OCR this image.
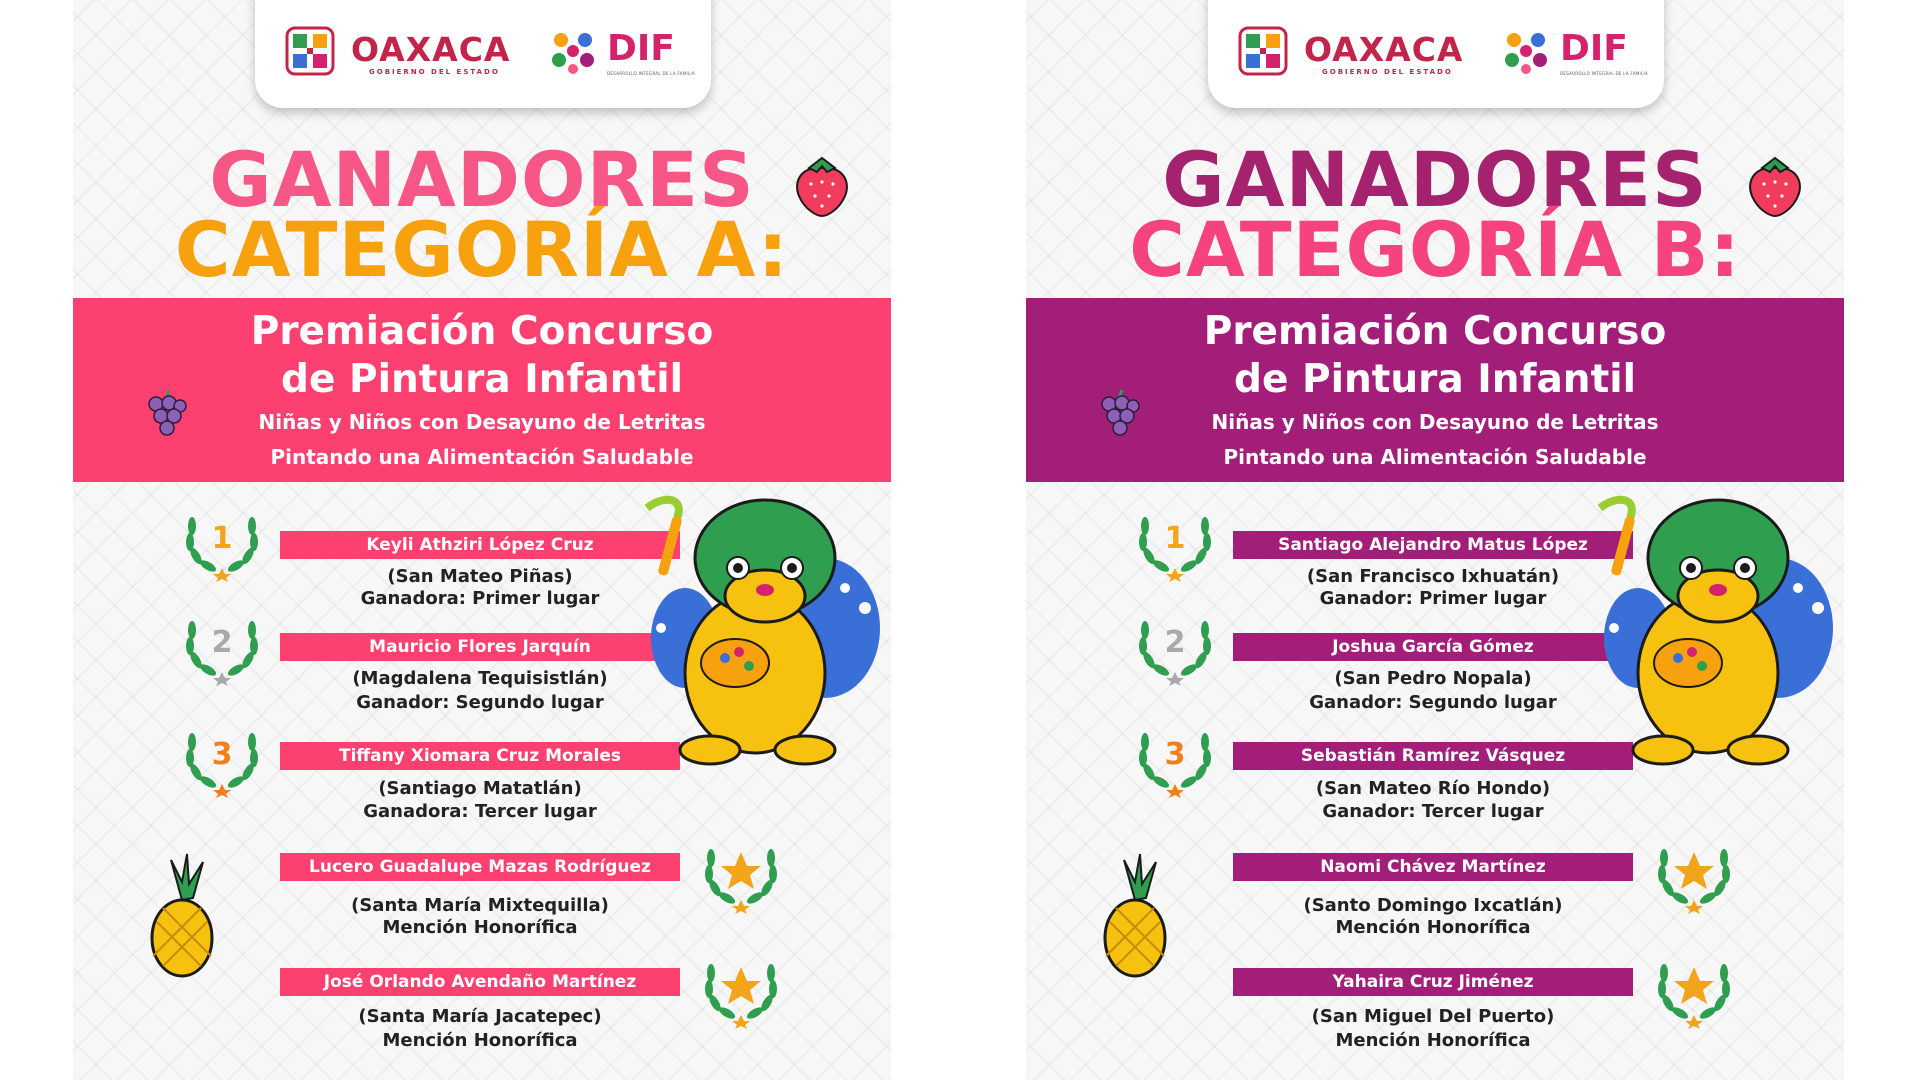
OAXACA
GOBIERNO DEL ESTADO
DIF
DESARROLLO INTEGRAL DE LA FAMILIA
GANADORES
CATEGORÍA A:
Premiación Concurso
de Pintura Infantil
Niñas y Niños con Desayuno de Letritas
Pintando una Alimentación Saludable
Keyli Athziri López Cruz
(San Mateo Piñas)
Ganadora: Primer lugar
Mauricio Flores Jarquín
(Magdalena Tequisistlán)
Ganador: Segundo lugar
Tiffany Xiomara Cruz Morales
(Santiago Matatlán)
Ganadora: Tercer lugar
Lucero Guadalupe Mazas Rodríguez
(Santa María Mixtequilla)
Mención Honorífica
José Orlando Avendaño Martínez
(Santa María Jacatepec)
Mención Honorífica
1
2
3
OAXACA
GOBIERNO DEL ESTADO
DIF
DESARROLLO INTEGRAL DE LA FAMILIA
GANADORES
CATEGORÍA B:
Premiación Concurso
de Pintura Infantil
Niñas y Niños con Desayuno de Letritas
Pintando una Alimentación Saludable
Santiago Alejandro Matus López
(San Francisco Ixhuatán)
Ganador: Primer lugar
Joshua García Gómez
(San Pedro Nopala)
Ganador: Segundo lugar
Sebastián Ramírez Vásquez
(San Mateo Río Hondo)
Ganador: Tercer lugar
Naomi Chávez Martínez
(Santo Domingo Ixcatlán)
Mención Honorífica
Yahaira Cruz Jiménez
(San Miguel Del Puerto)
Mención Honorífica
1
2
3
